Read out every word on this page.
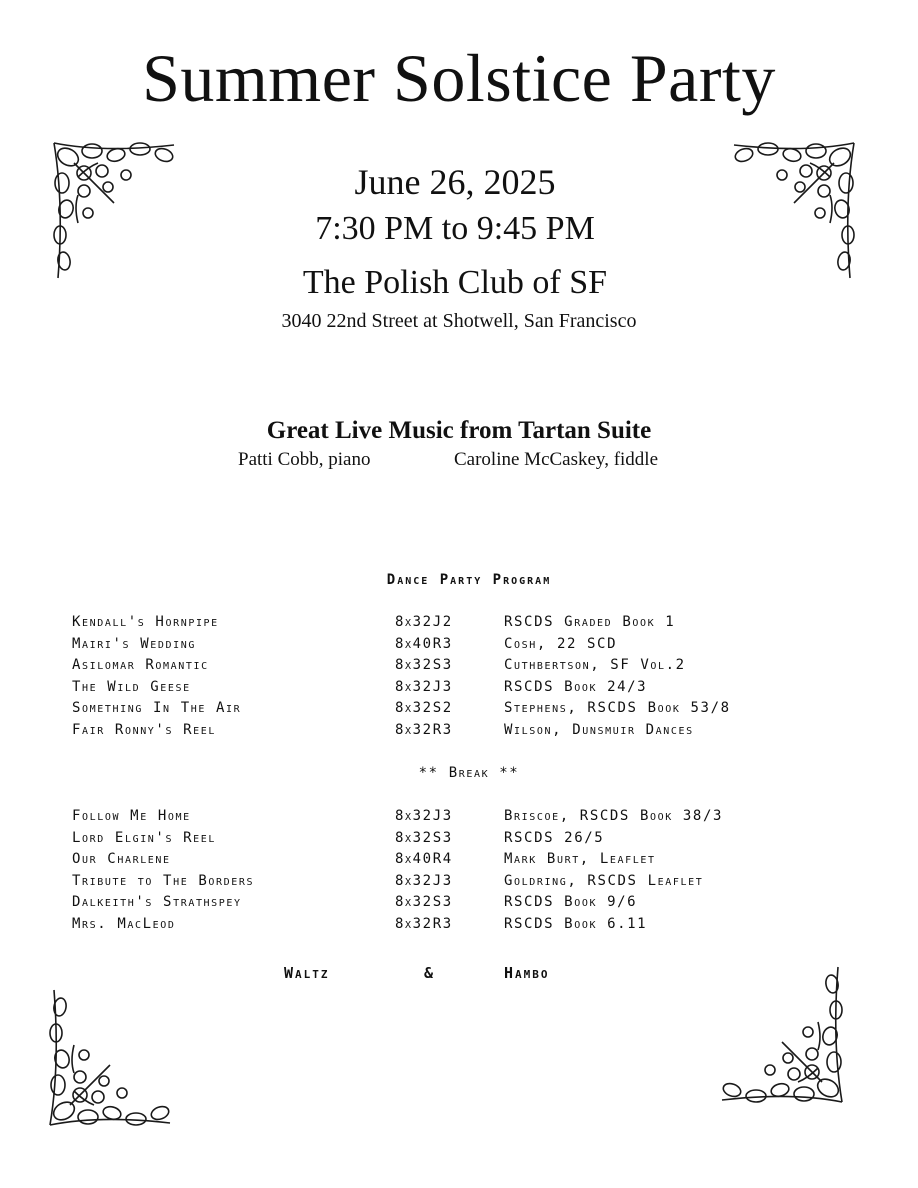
Summer Solstice Party
June 26, 2025
7:30 PM to 9:45 PM
The Polish Club of SF
3040 22nd Street at Shotwell, San Francisco
Great Live Music from Tartan Suite
Patti Cobb, piano	Caroline McCaskey, fiddle
Dance Party Program
Kendall's Hornpipe	8x32J2	RSCDS Graded Book 1
Mairi's Wedding	8x40R3	Cosh, 22 SCD
Asilomar Romantic	8x32S3	Cuthbertson, SF Vol.2
The Wild Geese	8x32J3	RSCDS Book 24/3
Something In The Air	8x32S2	Stephens, RSCDS Book 53/8
Fair Ronny's Reel	8x32R3	Wilson, Dunsmuir Dances
** Break **
Follow Me Home	8x32J3	Briscoe, RSCDS Book 38/3
Lord Elgin's Reel	8x32S3	RSCDS 26/5
Our Charlene	8x40R4	Mark Burt, Leaflet
Tribute to The Borders	8x32J3	Goldring, RSCDS Leaflet
Dalkeith's Strathspey	8x32S3	RSCDS Book 9/6
Mrs. MacLeod	8x32R3	RSCDS Book 6.11
Waltz	&	Hambo
